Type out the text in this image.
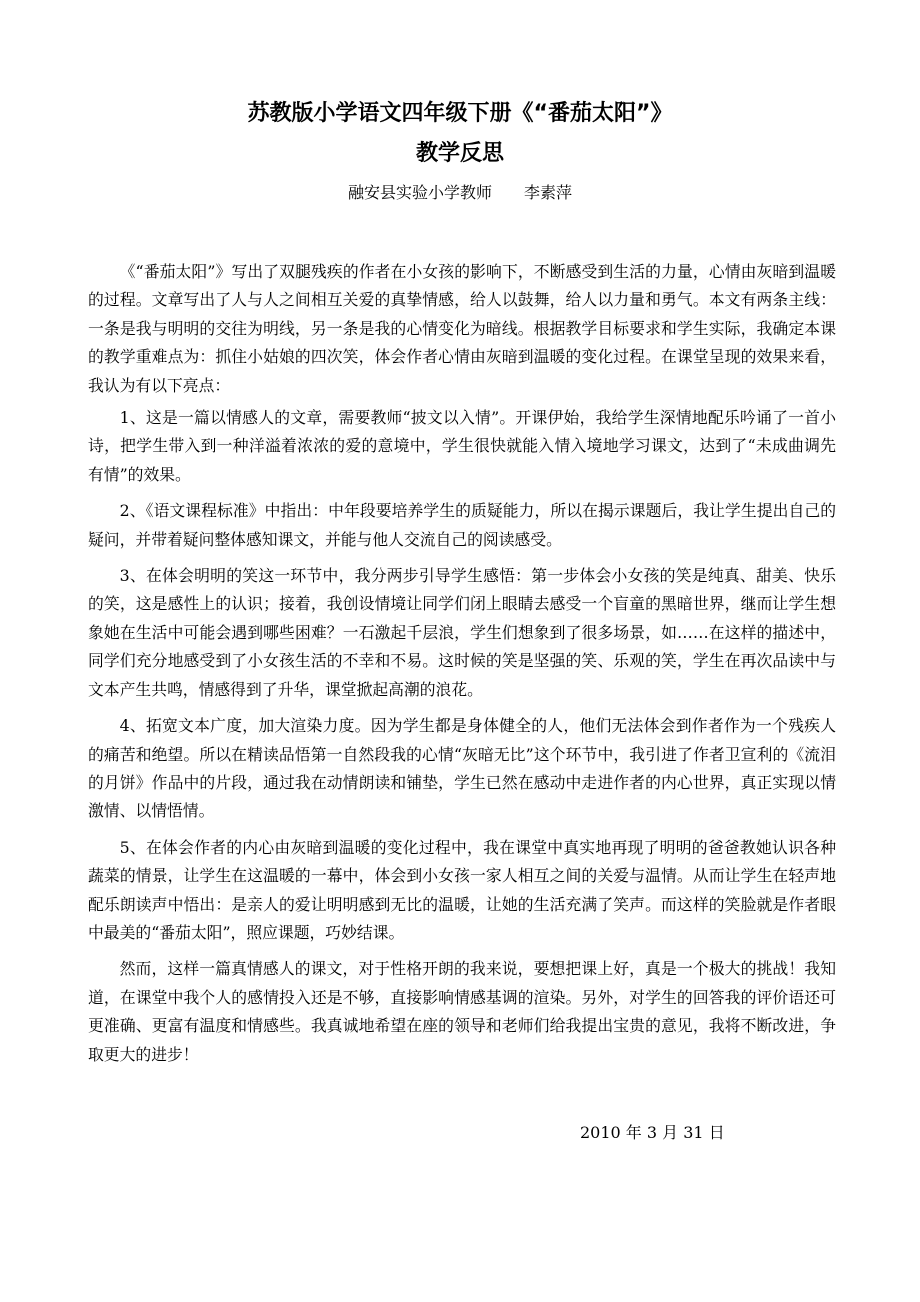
苏教版小学语文四年级下册《“番茄太阳”》
教学反思
融安县实验小学教师　　李素萍

《“番茄太阳”》写出了双腿残疾的作者在小女孩的影响下，不断感受到生活的力量，心情由灰暗到温暖的过程。文章写出了人与人之间相互关爱的真挚情感，给人以鼓舞，给人以力量和勇气。本文有两条主线：一条是我与明明的交往为明线，另一条是我的心情变化为暗线。根据教学目标要求和学生实际，我确定本课的教学重难点为：抓住小姑娘的四次笑，体会作者心情由灰暗到温暖的变化过程。在课堂呈现的效果来看，我认为有以下亮点：

1、这是一篇以情感人的文章，需要教师“披文以入情”。开课伊始，我给学生深情地配乐吟诵了一首小诗，把学生带入到一种洋溢着浓浓的爱的意境中，学生很快就能入情入境地学习课文，达到了“未成曲调先有情”的效果。

2、《语文课程标准》中指出：中年段要培养学生的质疑能力，所以在揭示课题后，我让学生提出自己的疑问，并带着疑问整体感知课文，并能与他人交流自己的阅读感受。

3、在体会明明的笑这一环节中，我分两步引导学生感悟：第一步体会小女孩的笑是纯真、甜美、快乐的笑，这是感性上的认识；接着，我创设情境让同学们闭上眼睛去感受一个盲童的黑暗世界，继而让学生想象她在生活中可能会遇到哪些困难？一石激起千层浪，学生们想象到了很多场景，如……在这样的描述中，同学们充分地感受到了小女孩生活的不幸和不易。这时候的笑是坚强的笑、乐观的笑，学生在再次品读中与文本产生共鸣，情感得到了升华，课堂掀起高潮的浪花。

4、拓宽文本广度，加大渲染力度。因为学生都是身体健全的人，他们无法体会到作者作为一个残疾人的痛苦和绝望。所以在精读品悟第一自然段我的心情“灰暗无比”这个环节中，我引进了作者卫宣利的《流泪的月饼》作品中的片段，通过我在动情朗读和铺垫，学生已然在感动中走进作者的内心世界，真正实现以情激情、以情悟情。

5、在体会作者的内心由灰暗到温暖的变化过程中，我在课堂中真实地再现了明明的爸爸教她认识各种蔬菜的情景，让学生在这温暖的一幕中，体会到小女孩一家人相互之间的关爱与温情。从而让学生在轻声地配乐朗读声中悟出：是亲人的爱让明明感到无比的温暖，让她的生活充满了笑声。而这样的笑脸就是作者眼中最美的“番茄太阳”，照应课题，巧妙结课。

然而，这样一篇真情感人的课文，对于性格开朗的我来说，要想把课上好，真是一个极大的挑战！我知道，在课堂中我个人的感情投入还是不够，直接影响情感基调的渲染。另外，对学生的回答我的评价语还可更准确、更富有温度和情感些。我真诚地希望在座的领导和老师们给我提出宝贵的意见，我将不断改进，争取更大的进步！

2010 年 3 月 31 日
